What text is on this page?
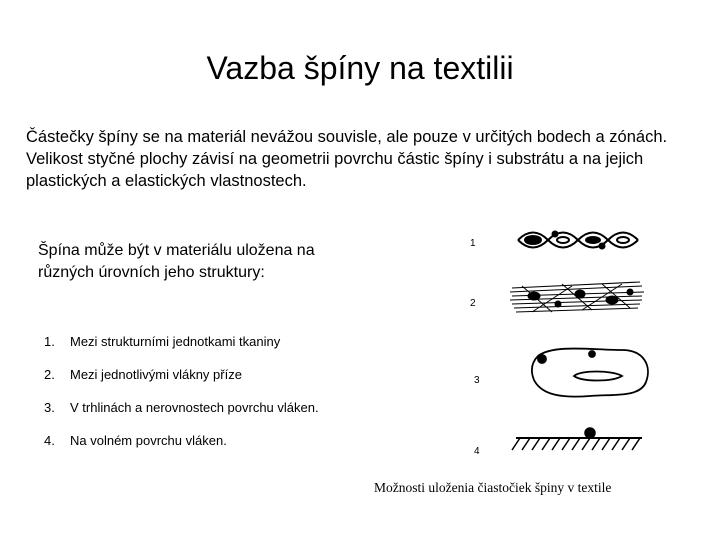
Vazba špíny na textilii
Částečky špíny se na materiál nevážou souvisle, ale pouze v určitých bodech a zónách. Velikost styčné plochy závisí na geometrii povrchu částic špíny i substrátu a na jejich plastických a elastických vlastnostech.
Špína může být v materiálu uložena na různých úrovních jeho struktury:
1. Mezi strukturními jednotkami tkaniny
2. Mezi jednotlivými vlákny příze
3. V trhlinách a nerovnostech povrchu vláken.
4. Na volném povrchu vláken.
1
2
3
4
Možnosti uloženia čiastočiek špiny v textile
